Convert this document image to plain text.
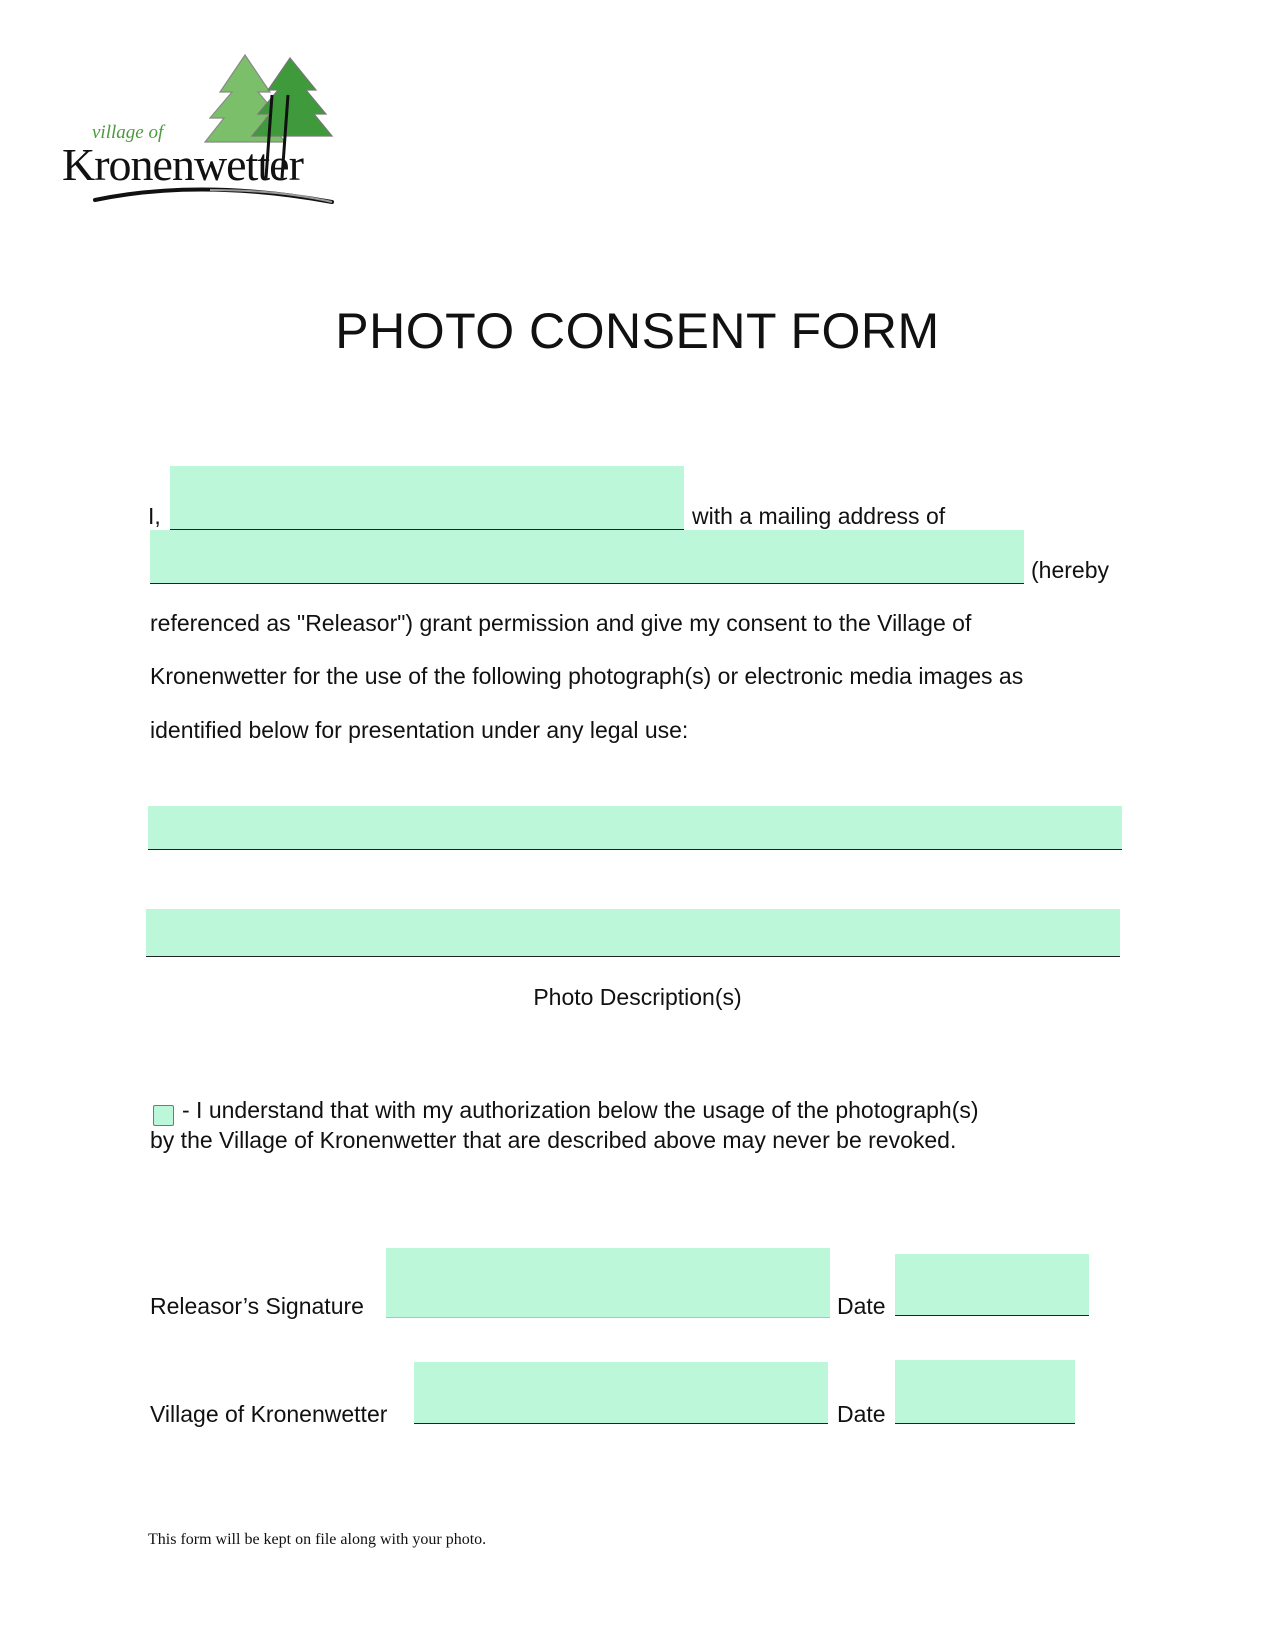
village of
Kronenwetter
PHOTO CONSENT FORM
I,	with a mailing address of
(hereby
referenced as "Releasor") grant permission and give my consent to the Village of
Kronenwetter for the use of the following photograph(s) or electronic media images as
identified below for presentation under any legal use:
Photo Description(s)
- I understand that with my authorization below the usage of the photograph(s)
by the Village of Kronenwetter that are described above may never be revoked.
Releasor’s Signature	Date
Village of Kronenwetter	Date
This form will be kept on file along with your photo.
